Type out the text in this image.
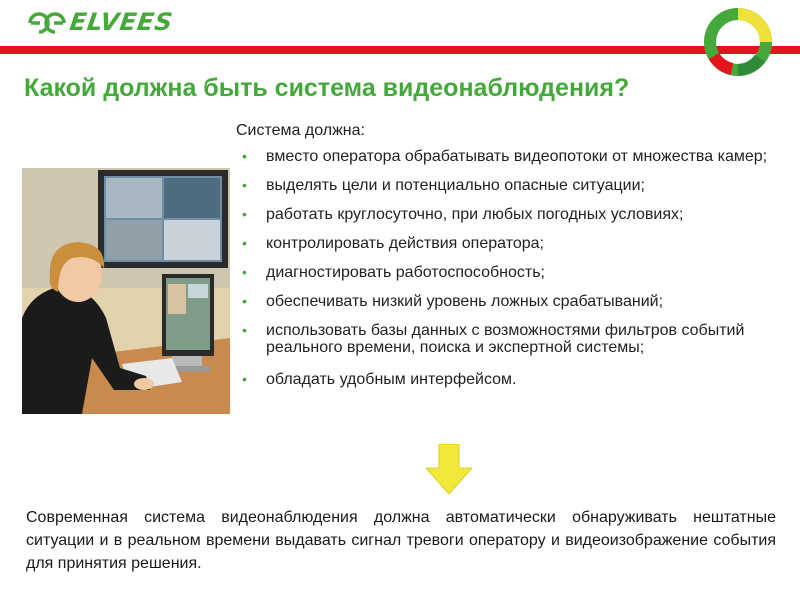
ELVEES
Какой должна быть система видеонаблюдения?
Система должна:
• вместо оператора обрабатывать видеопотоки от множества камер;
• выделять цели и потенциально опасные ситуации;
• работать круглосуточно, при любых погодных условиях;
• контролировать действия оператора;
• диагностировать работоспособность;
• обеспечивать низкий уровень ложных срабатываний;
• использовать базы данных с возможностями фильтров событий реального времени, поиска и экспертной системы;
• обладать удобным интерфейсом.
Современная система видеонаблюдения должна автоматически обнаруживать нештатные ситуации и в реальном времени выдавать сигнал тревоги оператору и видеоизображение события для принятия решения.
